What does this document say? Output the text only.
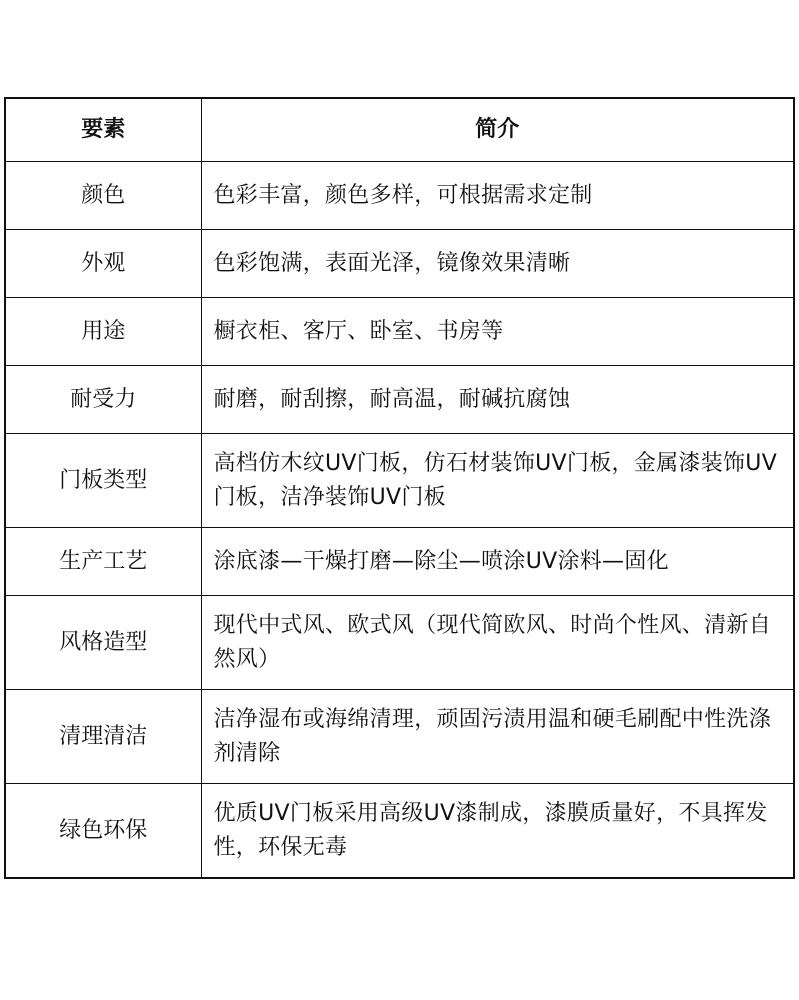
要素	简介
颜色	色彩丰富，颜色多样，可根据需求定制
外观	色彩饱满，表面光泽，镜像效果清晰
用途	橱衣柜、客厅、卧室、书房等
耐受力	耐磨，耐刮擦，耐高温，耐碱抗腐蚀
门板类型	高档仿木纹UV门板，仿石材装饰UV门板，金属漆装饰UV门板，洁净装饰UV门板
生产工艺	涂底漆—干燥打磨—除尘—喷涂UV涂料—固化
风格造型	现代中式风、欧式风（现代简欧风、时尚个性风、清新自然风）
清理清洁	洁净湿布或海绵清理，顽固污渍用温和硬毛刷配中性洗涤剂清除
绿色环保	优质UV门板采用高级UV漆制成，漆膜质量好，不具挥发性，环保无毒
